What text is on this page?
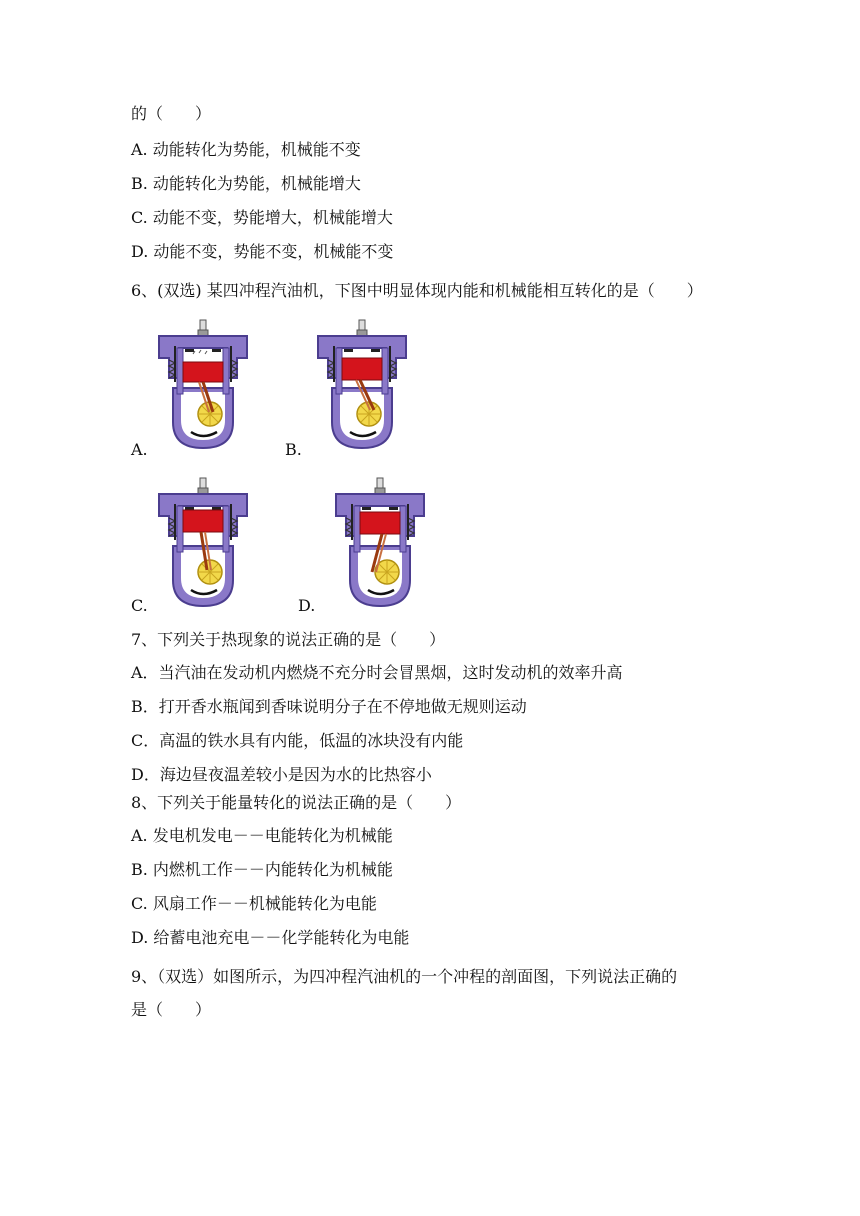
的（　　）
A. 动能转化为势能，机械能不变
B. 动能转化为势能，机械能增大
C. 动能不变，势能增大，机械能增大
D. 动能不变，势能不变，机械能不变
6、(双选) 某四冲程汽油机，下图中明显体现内能和机械能相互转化的是（　　）
A.	B.
C.	D.
7、下列关于热现象的说法正确的是（　　）
A．当汽油在发动机内燃烧不充分时会冒黑烟，这时发动机的效率升高
B．打开香水瓶闻到香味说明分子在不停地做无规则运动
C．高温的铁水具有内能，低温的冰块没有内能
D．海边昼夜温差较小是因为水的比热容小
8、下列关于能量转化的说法正确的是（　　）
A. 发电机发电－－电能转化为机械能
B. 内燃机工作－－内能转化为机械能
C. 风扇工作－－机械能转化为电能
D. 给蓄电池充电－－化学能转化为电能
9、（双选）如图所示，为四冲程汽油机的一个冲程的剖面图，下列说法正确的
是（　　）
